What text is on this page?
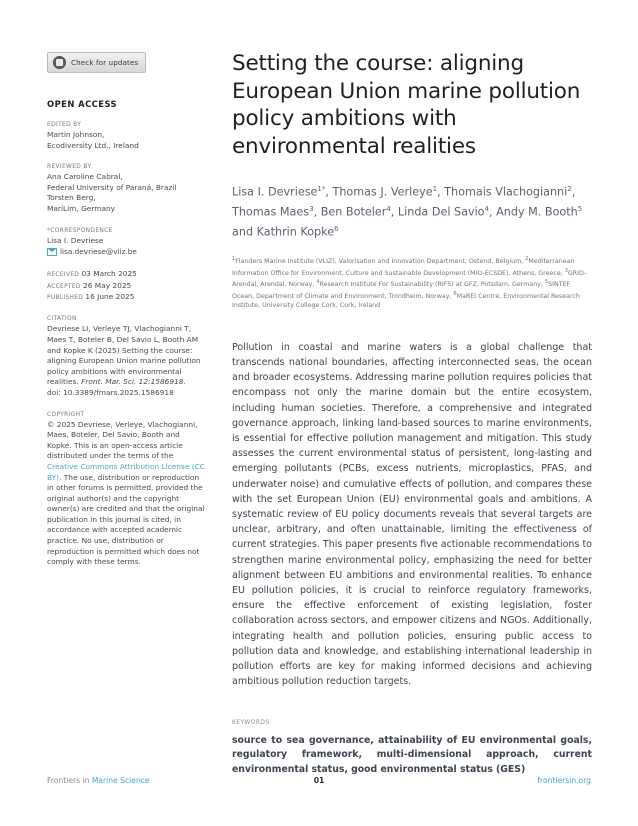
Check for updates
OPEN ACCESS
EDITED BY
Martin Johnson,
Ecodiversity Ltd., Ireland
REVIEWED BY
Ana Caroline Cabral,
Federal University of Paraná, Brazil
Torsten Berg,
MariLim, Germany
*CORRESPONDENCE
Lisa I. Devriese
lisa.devriese@vliz.be
RECEIVED 03 March 2025
ACCEPTED 26 May 2025
PUBLISHED 16 June 2025
CITATION
Devriese LI, Verleye TJ, Vlachogianni T, Maes T, Boteler B, Del Savio L, Booth AM and Kopke K (2025) Setting the course: aligning European Union marine pollution policy ambitions with environmental realities. Front. Mar. Sci. 12:1586918.
doi: 10.3389/fmars.2025.1586918
COPYRIGHT
© 2025 Devriese, Verleye, Vlachogianni, Maes, Boteler, Del Savio, Booth and Kopke. This is an open-access article distributed under the terms of the Creative Commons Attribution License (CC BY). The use, distribution or reproduction in other forums is permitted, provided the original author(s) and the copyright owner(s) are credited and that the original publication in this journal is cited, in accordance with accepted academic practice. No use, distribution or reproduction is permitted which does not comply with these terms.
Setting the course: aligning European Union marine pollution policy ambitions with environmental realities
Lisa I. Devriese$^{1*}$, Thomas J. Verleye$^1$, Thomais Vlachogianni$^2$, Thomas Maes$^3$, Ben Boteler$^4$, Linda Del Savio$^4$, Andy M. Booth$^5$ and Kathrin Kopke$^6$
$^1$Flanders Marine Institute (VLIZ), Valorisation and Innovation Department, Ostend, Belgium, $^2$Mediterranean Information Office for Environment, Culture and Sustainable Development (MIO-ECSDE), Athens, Greece, $^3$GRID-Arendal, Arendal, Norway, $^4$Research Institute For Sustainability (RIFS) at GFZ, Potsdam, Germany, $^5$SINTEF Ocean, Department of Climate and Environment, Trondheim, Norway, $^6$MaREI Centre, Environmental Research Institute, University College Cork, Cork, Ireland
Pollution in coastal and marine waters is a global challenge that transcends national boundaries, affecting interconnected seas, the ocean and broader ecosystems. Addressing marine pollution requires policies that encompass not only the marine domain but the entire ecosystem, including human societies. Therefore, a comprehensive and integrated governance approach, linking land-based sources to marine environments, is essential for effective pollution management and mitigation. This study assesses the current environmental status of persistent, long-lasting and emerging pollutants (PCBs, excess nutrients, microplastics, PFAS, and underwater noise) and cumulative effects of pollution, and compares these with the set European Union (EU) environmental goals and ambitions. A systematic review of EU policy documents reveals that several targets are unclear, arbitrary, and often unattainable, limiting the effectiveness of current strategies. This paper presents five actionable recommendations to strengthen marine environmental policy, emphasizing the need for better alignment between EU ambitions and environmental realities. To enhance EU pollution policies, it is crucial to reinforce regulatory frameworks, ensure the effective enforcement of existing legislation, foster collaboration across sectors, and empower citizens and NGOs. Additionally, integrating health and pollution policies, ensuring public access to pollution data and knowledge, and establishing international leadership in pollution efforts are key for making informed decisions and achieving ambitious pollution reduction targets.
KEYWORDS
source to sea governance, attainability of EU environmental goals, regulatory framework, multi-dimensional approach, current environmental status, good environmental status (GES)
Frontiers in Marine Science	01	frontiersin.org
